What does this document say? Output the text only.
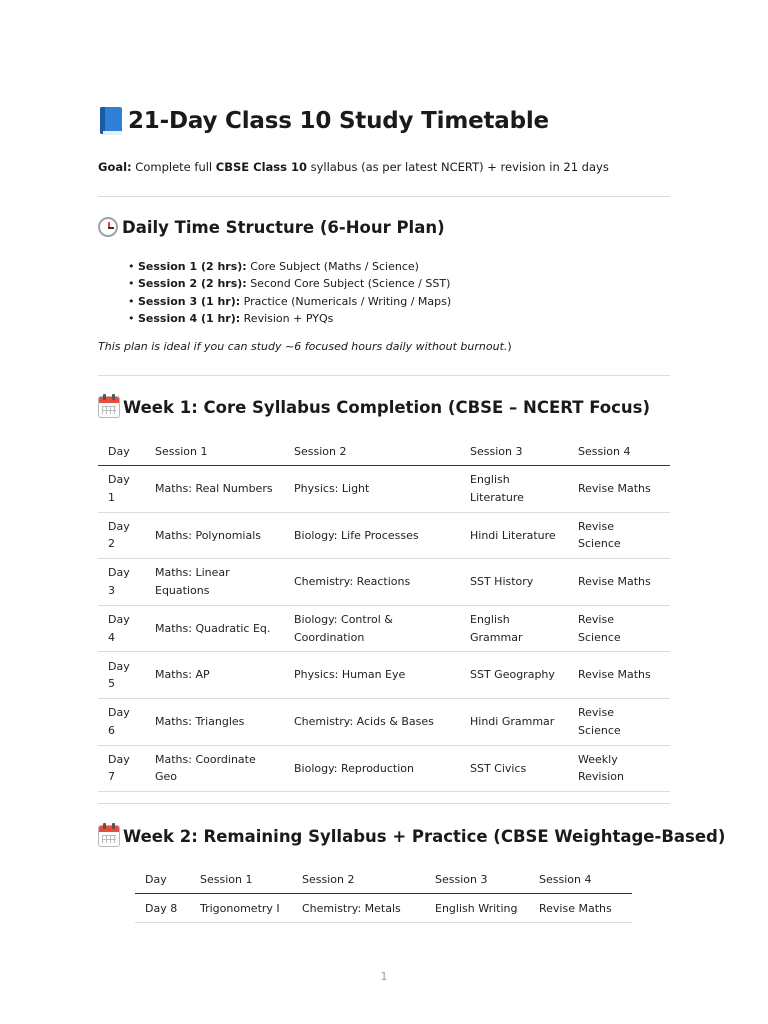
21-Day Class 10 Study Timetable
Goal: Complete full CBSE Class 10 syllabus (as per latest NCERT) + revision in 21 days
Daily Time Structure (6-Hour Plan)
• Session 1 (2 hrs): Core Subject (Maths / Science)
• Session 2 (2 hrs): Second Core Subject (Science / SST)
• Session 3 (1 hr): Practice (Numericals / Writing / Maps)
• Session 4 (1 hr): Revision + PYQs
This plan is ideal if you can study ~6 focused hours daily without burnout.)
Week 1: Core Syllabus Completion (CBSE – NCERT Focus)
Day	Session 1	Session 2	Session 3	Session 4
Day 1	Maths: Real Numbers	Physics: Light	English Literature	Revise Maths
Day 2	Maths: Polynomials	Biology: Life Processes	Hindi Literature	Revise Science
Day 3	Maths: Linear Equations	Chemistry: Reactions	SST History	Revise Maths
Day 4	Maths: Quadratic Eq.	Biology: Control & Coordination	English Grammar	Revise Science
Day 5	Maths: AP	Physics: Human Eye	SST Geography	Revise Maths
Day 6	Maths: Triangles	Chemistry: Acids & Bases	Hindi Grammar	Revise Science
Day 7	Maths: Coordinate Geo	Biology: Reproduction	SST Civics	Weekly Revision
Week 2: Remaining Syllabus + Practice (CBSE Weightage-Based)
Day	Session 1	Session 2	Session 3	Session 4
Day 8	Trigonometry I	Chemistry: Metals	English Writing	Revise Maths
1
